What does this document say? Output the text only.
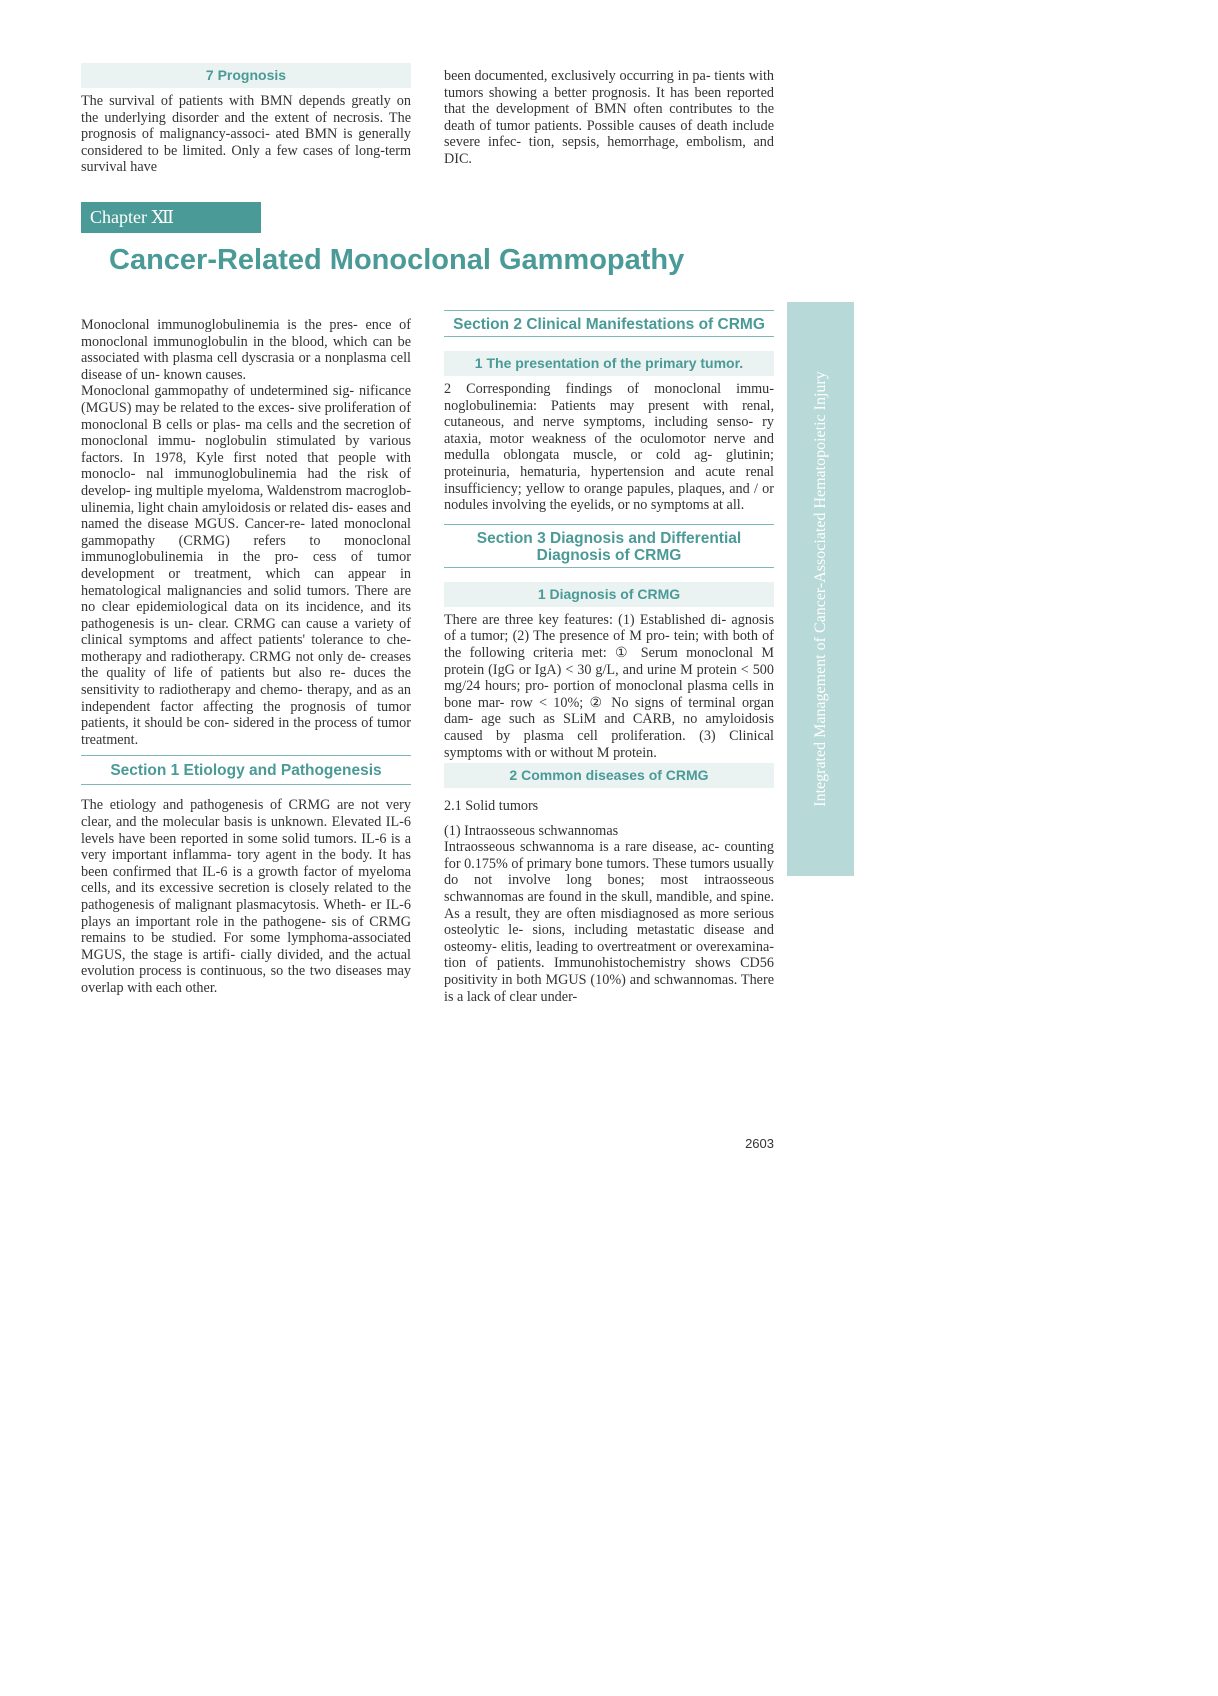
7 Prognosis

The survival of patients with BMN depends greatly on the underlying disorder and the extent of necrosis. The prognosis of malignancy-associ- ated BMN is generally considered to be limited. Only a few cases of long-term survival have

been documented, exclusively occurring in pa- tients with tumors showing a better prognosis. It has been reported that the development of BMN often contributes to the death of tumor patients. Possible causes of death include severe infec- tion, sepsis, hemorrhage, embolism, and DIC.

Chapter Ⅻ
Cancer-Related Monoclonal Gammopathy

Monoclonal immunoglobulinemia is the pres- ence of monoclonal immunoglobulin in the blood, which can be associated with plasma cell dyscrasia or a nonplasma cell disease of un- known causes.

Monoclonal gammopathy of undetermined sig- nificance (MGUS) may be related to the exces- sive proliferation of monoclonal B cells or plas- ma cells and the secretion of monoclonal immu- noglobulin stimulated by various factors. In 1978, Kyle first noted that people with monoclo- nal immunoglobulinemia had the risk of develop- ing multiple myeloma, Waldenstrom macroglob- ulinemia, light chain amyloidosis or related dis- eases and named the disease MGUS. Cancer-re- lated monoclonal gammopathy (CRMG) refers to monoclonal immunoglobulinemia in the pro- cess of tumor development or treatment, which can appear in hematological malignancies and solid tumors. There are no clear epidemiological data on its incidence, and its pathogenesis is un- clear. CRMG can cause a variety of clinical symptoms and affect patients' tolerance to che- motherapy and radiotherapy. CRMG not only de- creases the quality of life of patients but also re- duces the sensitivity to radiotherapy and chemo- therapy, and as an independent factor affecting the prognosis of tumor patients, it should be con- sidered in the process of tumor treatment.

Section 1 Etiology and Pathogenesis

The etiology and pathogenesis of CRMG are not very clear, and the molecular basis is unknown. Elevated IL-6 levels have been reported in some solid tumors. IL-6 is a very important inflamma- tory agent in the body. It has been confirmed that IL-6 is a growth factor of myeloma cells, and its excessive secretion is closely related to the pathogenesis of malignant plasmacytosis. Wheth- er IL-6 plays an important role in the pathogene- sis of CRMG remains to be studied. For some lymphoma-associated MGUS, the stage is artifi- cially divided, and the actual evolution process is continuous, so the two diseases may overlap with each other.

Section 2 Clinical Manifestations of CRMG
1 The presentation of the primary tumor.

2 Corresponding findings of monoclonal immu- noglobulinemia: Patients may present with renal, cutaneous, and nerve symptoms, including senso- ry ataxia, motor weakness of the oculomotor nerve and medulla oblongata muscle, or cold ag- glutinin; proteinuria, hematuria, hypertension and acute renal insufficiency; yellow to orange papules, plaques, and / or nodules involving the eyelids, or no symptoms at all.

Section 3 Diagnosis and Differential Diagnosis of CRMG
1 Diagnosis of CRMG

There are three key features: (1) Established di- agnosis of a tumor; (2) The presence of M pro- tein; with both of the following criteria met: ① Serum monoclonal M protein (IgG or IgA) < 30 g/L, and urine M protein < 500 mg/24 hours; pro- portion of monoclonal plasma cells in bone mar- row < 10%; ② No signs of terminal organ dam- age such as SLiM and CARB, no amyloidosis caused by plasma cell proliferation. (3) Clinical symptoms with or without M protein.

2 Common diseases of CRMG

2.1 Solid tumors

(1) Intraosseous schwannomas

Intraosseous schwannoma is a rare disease, ac- counting for 0.175% of primary bone tumors. These tumors usually do not involve long bones; most intraosseous schwannomas are found in the skull, mandible, and spine. As a result, they are often misdiagnosed as more serious osteolytic le- sions, including metastatic disease and osteomy- elitis, leading to overtreatment or overexamina- tion of patients. Immunohistochemistry shows CD56 positivity in both MGUS (10%) and schwannomas. There is a lack of clear under-

Integrated Management of Cancer-Associated Hematopoietic Injury
2603
